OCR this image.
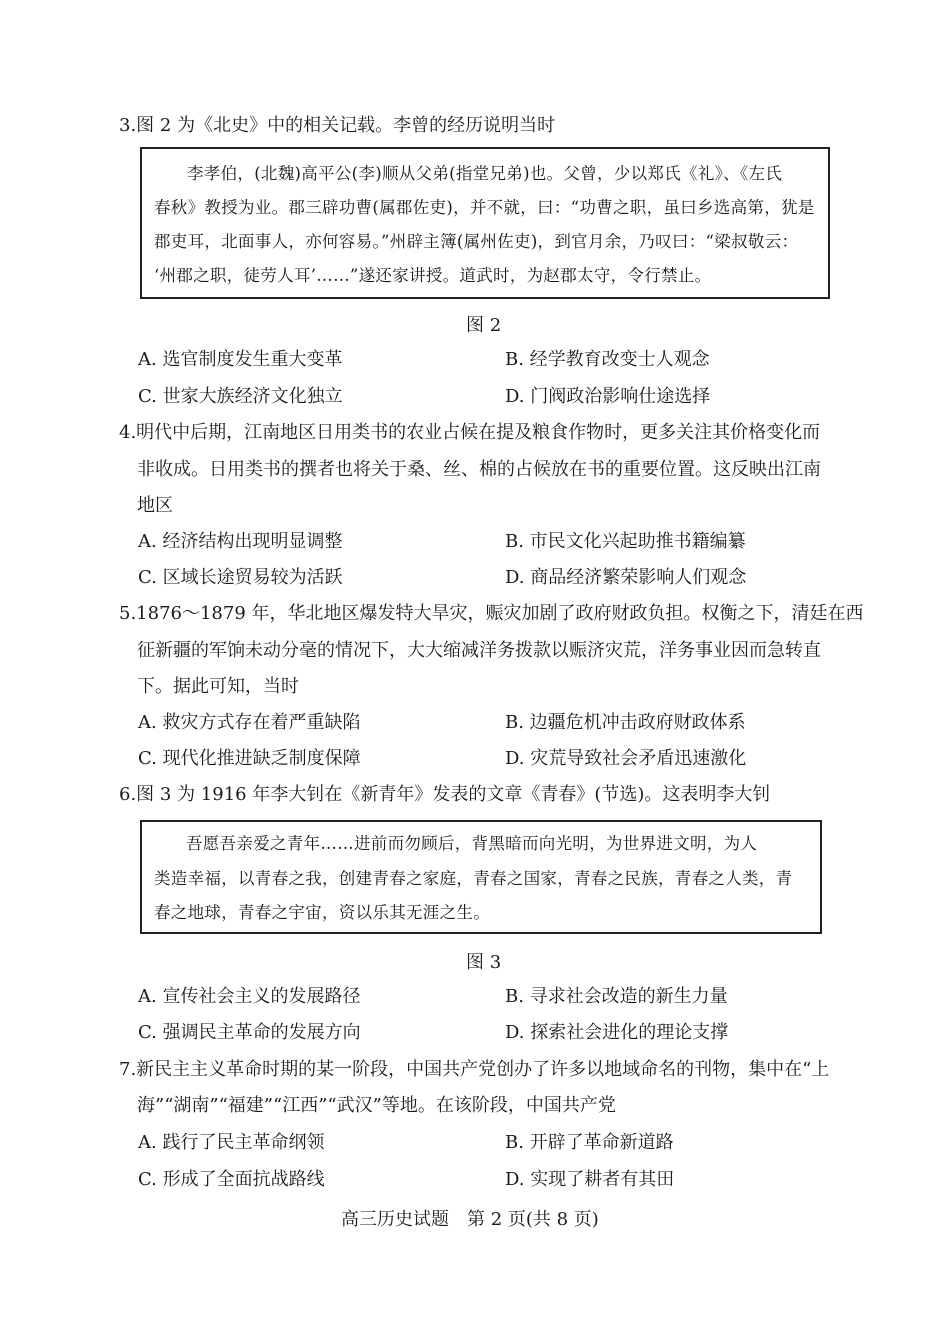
3.图 2 为《北史》中的相关记载。李曾的经历说明当时
李孝伯，(北魏)高平公(李)顺从父弟(指堂兄弟)也。父曾，少以郑氏《礼》、《左氏
春秋》教授为业。郡三辟功曹(属郡佐吏)，并不就，曰：“功曹之职，虽曰乡选高第，犹是
郡吏耳，北面事人，亦何容易。”州辟主簿(属州佐吏)，到官月余，乃叹曰：“梁叔敬云：
‘州郡之职，徒劳人耳’……”遂还家讲授。道武时，为赵郡太守，令行禁止。
图 2
A. 选官制度发生重大变革	B. 经学教育改变士人观念
C. 世家大族经济文化独立	D. 门阀政治影响仕途选择
4.明代中后期，江南地区日用类书的农业占候在提及粮食作物时，更多关注其价格变化而
非收成。日用类书的撰者也将关于桑、丝、棉的占候放在书的重要位置。这反映出江南
地区
A. 经济结构出现明显调整	B. 市民文化兴起助推书籍编纂
C. 区域长途贸易较为活跃	D. 商品经济繁荣影响人们观念
5.1876～1879 年，华北地区爆发特大旱灾，赈灾加剧了政府财政负担。权衡之下，清廷在西
征新疆的军饷未动分毫的情况下，大大缩减洋务拨款以赈济灾荒，洋务事业因而急转直
下。据此可知，当时
A. 救灾方式存在着严重缺陷	B. 边疆危机冲击政府财政体系
C. 现代化推进缺乏制度保障	D. 灾荒导致社会矛盾迅速激化
6.图 3 为 1916 年李大钊在《新青年》发表的文章《青春》(节选)。这表明李大钊
吾愿吾亲爱之青年……进前而勿顾后，背黑暗而向光明，为世界进文明，为人
类造幸福，以青春之我，创建青春之家庭，青春之国家，青春之民族，青春之人类，青
春之地球，青春之宇宙，资以乐其无涯之生。
图 3
A. 宣传社会主义的发展路径	B. 寻求社会改造的新生力量
C. 强调民主革命的发展方向	D. 探索社会进化的理论支撑
7.新民主主义革命时期的某一阶段，中国共产党创办了许多以地域命名的刊物，集中在“上
海”“湖南”“福建”“江西”“武汉”等地。在该阶段，中国共产党
A. 践行了民主革命纲领	B. 开辟了革命新道路
C. 形成了全面抗战路线	D. 实现了耕者有其田
高三历史试题　第 2 页(共 8 页)
